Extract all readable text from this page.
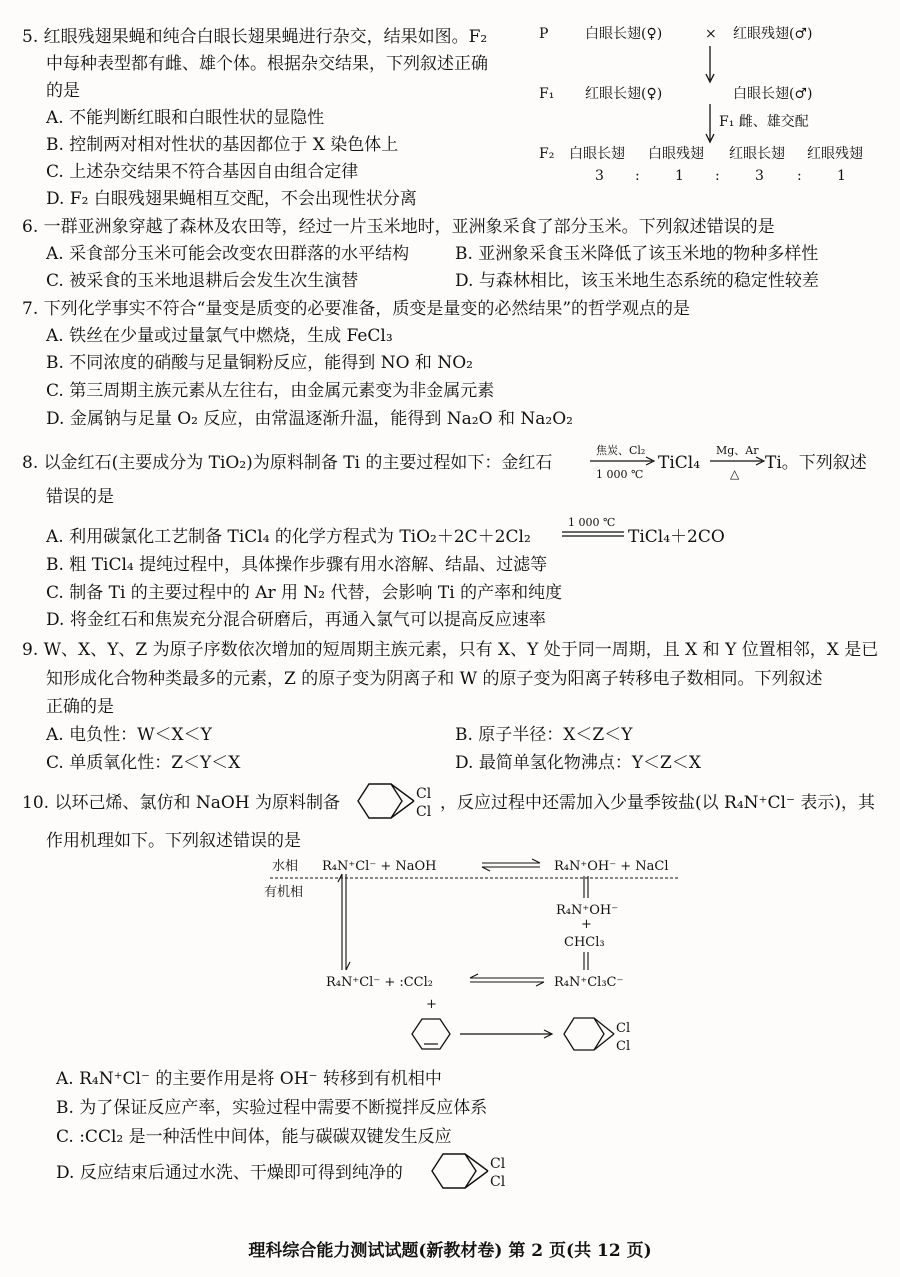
5. 红眼残翅果蝇和纯合白眼长翅果蝇进行杂交，结果如图。F₂
中每种表型都有雌、雄个体。根据杂交结果，下列叙述正确
的是
A. 不能判断红眼和白眼性状的显隐性
B. 控制两对相对性状的基因都位于 X 染色体上
C. 上述杂交结果不符合基因自由组合定律
D. F₂ 白眼残翅果蝇相互交配，不会出现性状分离
P	白眼长翅(♀)	× 红眼残翅(♂)
F₁ 红眼长翅(♀)	白眼长翅(♂)
F₁ 雌、雄交配
F₂ 白眼长翅 白眼残翅 红眼长翅 红眼残翅
3 :	1 :	3 :	1
6. 一群亚洲象穿越了森林及农田等，经过一片玉米地时，亚洲象采食了部分玉米。下列叙述错误的是
A. 采食部分玉米可能会改变农田群落的水平结构	B. 亚洲象采食玉米降低了该玉米地的物种多样性
C. 被采食的玉米地退耕后会发生次生演替	D. 与森林相比，该玉米地生态系统的稳定性较差
7. 下列化学事实不符合“量变是质变的必要准备，质变是量变的必然结果”的哲学观点的是
A. 铁丝在少量或过量氯气中燃烧，生成 FeCl₃
B. 不同浓度的硝酸与足量铜粉反应，能得到 NO 和 NO₂
C. 第三周期主族元素从左往右，由金属元素变为非金属元素
D. 金属钠与足量 O₂ 反应，由常温逐渐升温，能得到 Na₂O 和 Na₂O₂
8. 以金红石(主要成分为 TiO₂)为原料制备 Ti 的主要过程如下：金红石
焦炭、Cl₂
1 000 ℃
TiCl₄
Mg、Ar
△
Ti。下列叙述
错误的是
A. 利用碳氯化工艺制备 TiCl₄ 的化学方程式为 TiO₂＋2C＋2Cl₂
1 000 ℃
TiCl₄＋2CO
B. 粗 TiCl₄ 提纯过程中，具体操作步骤有用水溶解、结晶、过滤等
C. 制备 Ti 的主要过程中的 Ar 用 N₂ 代替，会影响 Ti 的产率和纯度
D. 将金红石和焦炭充分混合研磨后，再通入氯气可以提高反应速率
9. W、X、Y、Z 为原子序数依次增加的短周期主族元素，只有 X、Y 处于同一周期，且 X 和 Y 位置相邻，X 是已
知形成化合物种类最多的元素，Z 的原子变为阴离子和 W 的原子变为阳离子转移电子数相同。下列叙述
正确的是
A. 电负性：W＜X＜Y	B. 原子半径：X＜Z＜Y
C. 单质氧化性：Z＜Y＜X	D. 最简单氢化物沸点：Y＜Z＜X
10. 以环己烯、氯仿和 NaOH 为原料制备	Cl
Cl ，反应过程中还需加入少量季铵盐(以 R₄N⁺Cl⁻ 表示)，其
作用机理如下。下列叙述错误的是
水相 R₄N⁺Cl⁻ + NaOH	R₄N⁺OH⁻ + NaCl
有机相
R₄N⁺OH⁻
+
CHCl₃
R₄N⁺Cl₃C⁻
R₄N⁺Cl⁻ + :CCl₂
+
Cl
Cl
A. R₄N⁺Cl⁻ 的主要作用是将 OH⁻ 转移到有机相中
B. 为了保证反应产率，实验过程中需要不断搅拌反应体系
C. :CCl₂ 是一种活性中间体，能与碳碳双键发生反应
D. 反应结束后通过水洗、干燥即可得到纯净的	Cl
Cl
理科综合能力测试试题(新教材卷) 第 2 页(共 12 页)
